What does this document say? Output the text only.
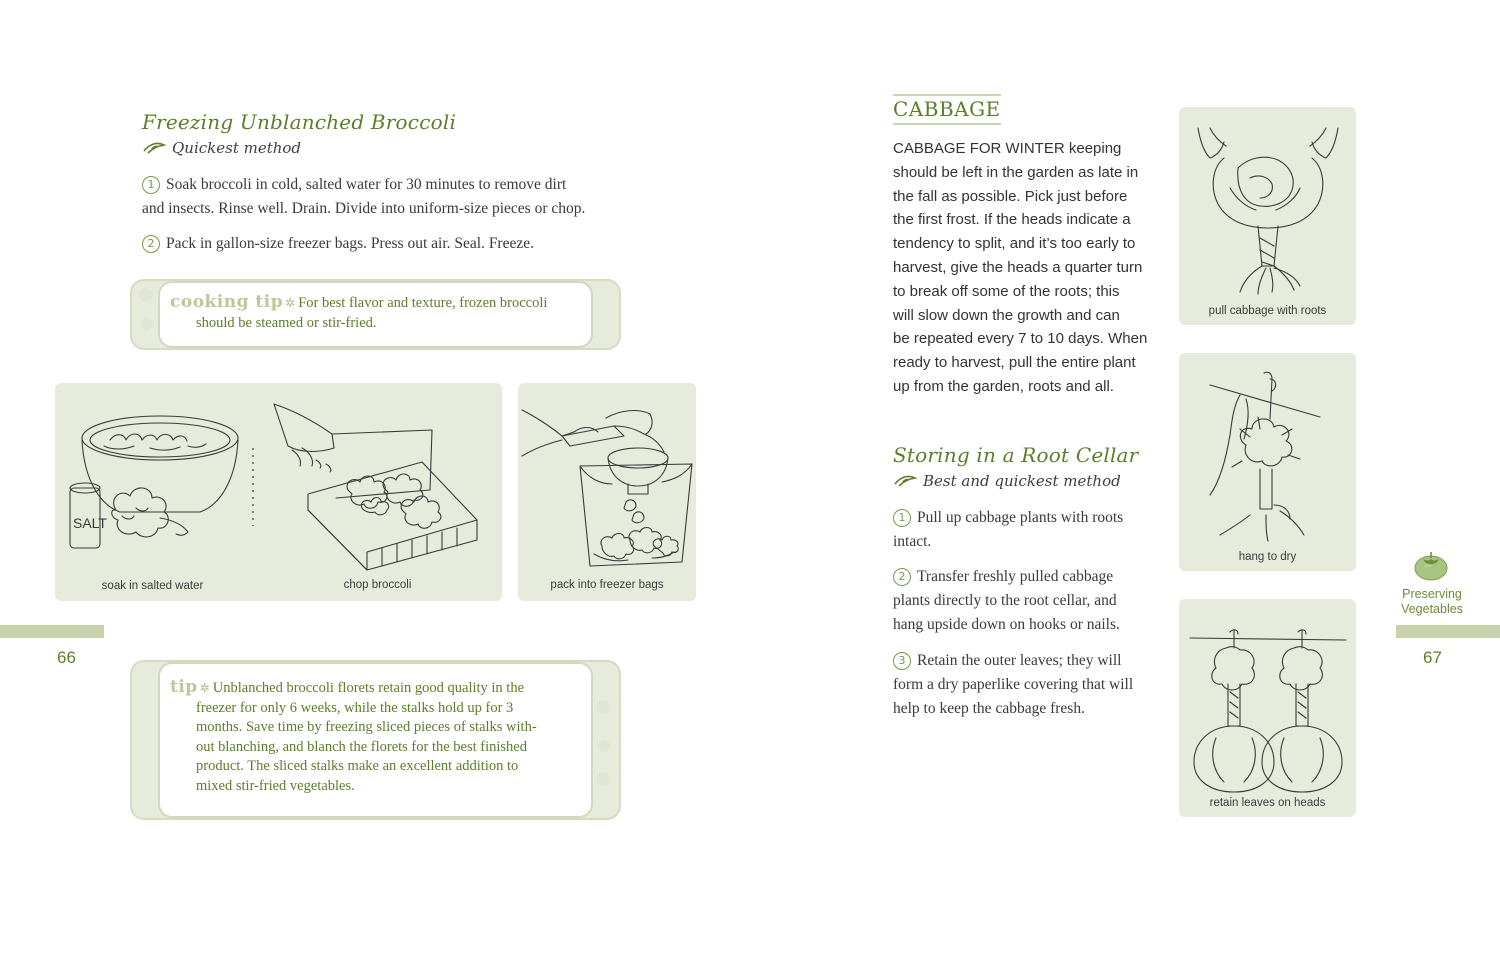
Freezing Unblanched Broccoli
Quickest method
1 Soak broccoli in cold, salted water for 30 minutes to remove dirt
and insects. Rinse well. Drain. Divide into uniform-size pieces or chop.
2 Pack in gallon-size freezer bags. Press out air. Seal. Freeze.
cooking tip ✲ For best flavor and texture, frozen broccoli
should be steamed or stir-fried.
SALT
soak in salted water	chop broccoli	pack into freezer bags
66
tip ✲ Unblanched broccoli florets retain good quality in the
freezer for only 6 weeks, while the stalks hold up for 3
months. Save time by freezing sliced pieces of stalks with-
out blanching, and blanch the florets for the best finished
product. The sliced stalks make an excellent addition to
mixed stir-fried vegetables.
CABBAGE
CABBAGE FOR WINTER keeping
should be left in the garden as late in
the fall as possible. Pick just before
the first frost. If the heads indicate a
tendency to split, and it’s too early to
harvest, give the heads a quarter turn
to break off some of the roots; this
will slow down the growth and can
be repeated every 7 to 10 days. When
ready to harvest, pull the entire plant
up from the garden, roots and all.
Storing in a Root Cellar
Best and quickest method
1 Pull up cabbage plants with roots
intact.
2 Transfer freshly pulled cabbage
plants directly to the root cellar, and
hang upside down on hooks or nails.
3 Retain the outer leaves; they will
form a dry paperlike covering that will
help to keep the cabbage fresh.
pull cabbage with roots
hang to dry
retain leaves on heads
Preserving
Vegetables
67
